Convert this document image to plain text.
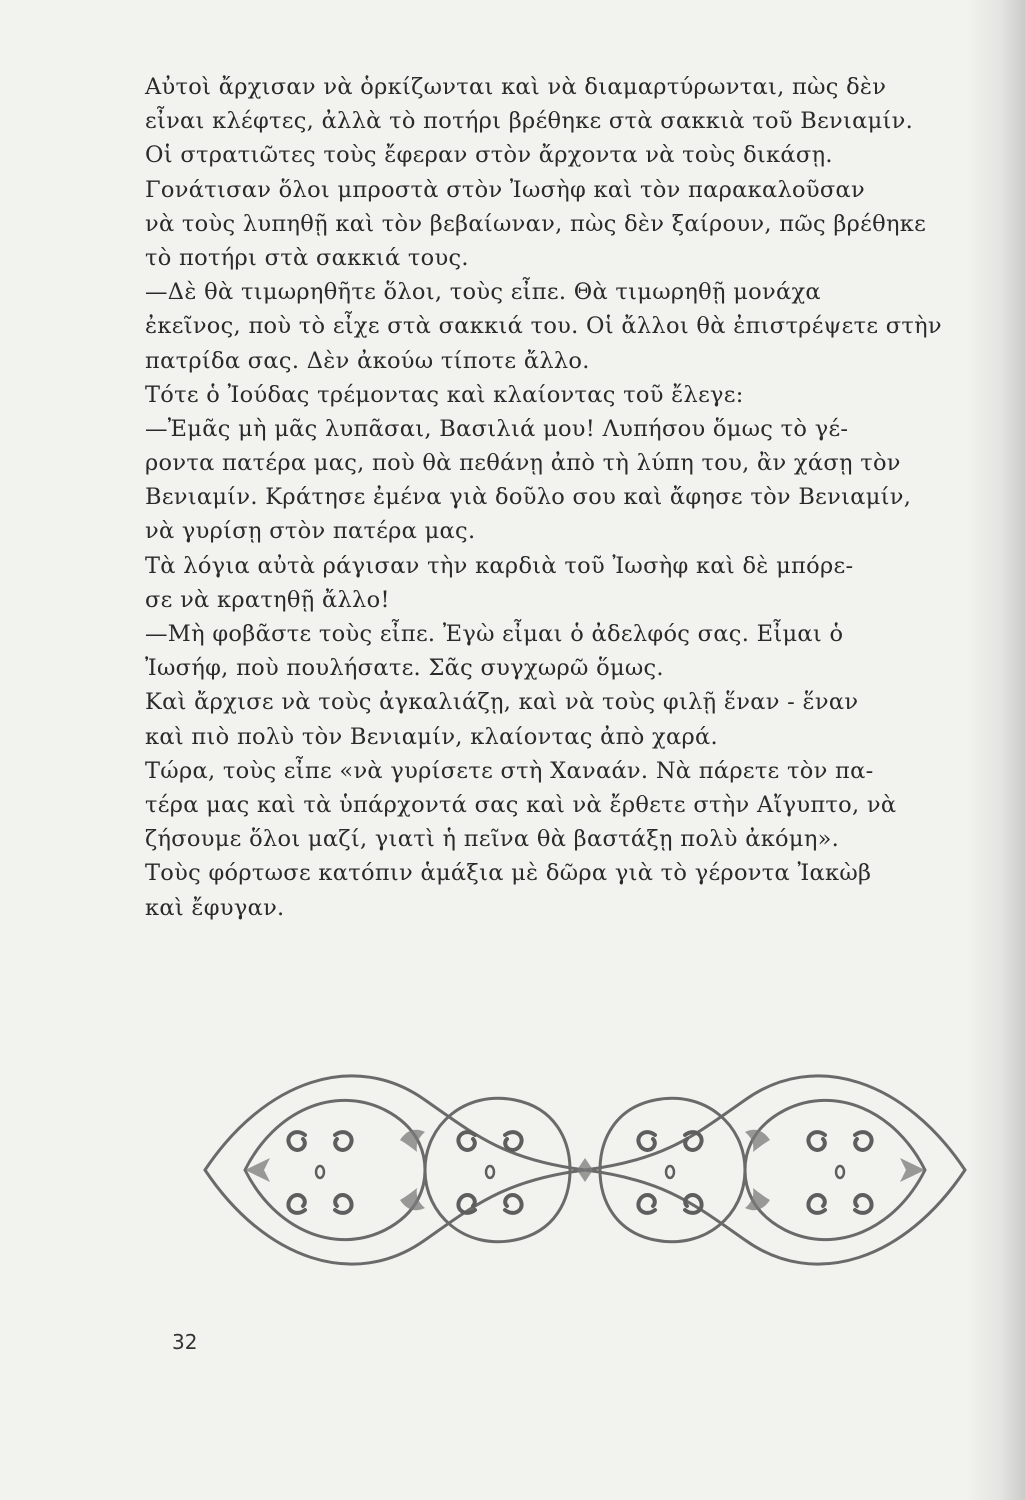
Αὐτοὶ ἄρχισαν νὰ ὁρκίζωνται καὶ νὰ διαμαρτύρωνται, πὼς δὲν
εἶναι κλέφτες, ἀλλὰ τὸ ποτήρι βρέθηκε στὰ σακκιὰ τοῦ Βενιαμίν.
Οἱ στρατιῶτες τοὺς ἔφεραν στὸν ἄρχοντα νὰ τοὺς δικάσῃ.
Γονάτισαν ὅλοι μπροστὰ στὸν Ἰωσὴφ καὶ τὸν παρακαλοῦσαν
νὰ τοὺς λυπηθῇ καὶ τὸν βεβαίωναν, πὼς δὲν ξαίρουν, πῶς βρέθηκε
τὸ ποτήρι στὰ σακκιά τους.
—Δὲ θὰ τιμωρηθῆτε ὅλοι, τοὺς εἶπε. Θὰ τιμωρηθῇ μονάχα
ἐκεῖνος, ποὺ τὸ εἶχε στὰ σακκιά του. Οἱ ἄλλοι θὰ ἐπιστρέψετε στὴν
πατρίδα σας. Δὲν ἀκούω τίποτε ἄλλο.
Τότε ὁ Ἰούδας τρέμοντας καὶ κλαίοντας τοῦ ἔλεγε:
—Ἐμᾶς μὴ μᾶς λυπᾶσαι, Βασιλιά μου! Λυπήσου ὅμως τὸ γέ-
ροντα πατέρα μας, ποὺ θὰ πεθάνῃ ἀπὸ τὴ λύπη του, ἂν χάσῃ τὸν
Βενιαμίν. Κράτησε ἐμένα γιὰ δοῦλο σου καὶ ἄφησε τὸν Βενιαμίν,
νὰ γυρίσῃ στὸν πατέρα μας.
Τὰ λόγια αὐτὰ ράγισαν τὴν καρδιὰ τοῦ Ἰωσὴφ καὶ δὲ μπόρε-
σε νὰ κρατηθῇ ἄλλο!
—Μὴ φοβᾶστε τοὺς εἶπε. Ἐγὼ εἶμαι ὁ ἀδελφός σας. Εἶμαι ὁ
Ἰωσήφ, ποὺ πουλήσατε. Σᾶς συγχωρῶ ὅμως.
Καὶ ἄρχισε νὰ τοὺς ἀγκαλιάζῃ, καὶ νὰ τοὺς φιλῇ ἕναν - ἕναν
καὶ πιὸ πολὺ τὸν Βενιαμίν, κλαίοντας ἀπὸ χαρά.
Τώρα, τοὺς εἶπε «νὰ γυρίσετε στὴ Χαναάν. Νὰ πάρετε τὸν πα-
τέρα μας καὶ τὰ ὑπάρχοντά σας καὶ νὰ ἔρθετε στὴν Αἴγυπτο, νὰ
ζήσουμε ὅλοι μαζί, γιατὶ ἡ πεῖνα θὰ βαστάξῃ πολὺ ἀκόμη».
Τοὺς φόρτωσε κατόπιν ἁμάξια μὲ δῶρα γιὰ τὸ γέροντα Ἰακὼβ
καὶ ἔφυγαν.
32
